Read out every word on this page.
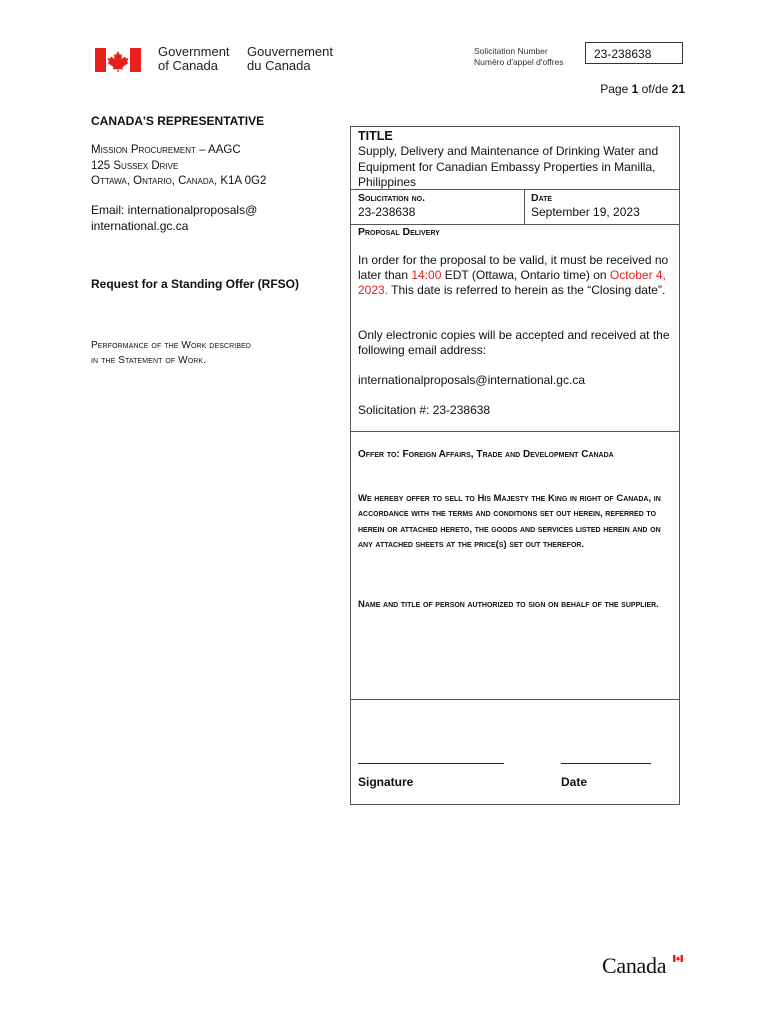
Government
of Canada
Gouvernement
du Canada
Solicitation Number
Numéro d'appel d'offres
23-238638
Page 1 of/de 21
CANADA'S REPRESENTATIVE
Mission Procurement – AAGC
125 Sussex Drive
Ottawa, Ontario, Canada, K1A 0G2
Email: internationalproposals@
international.gc.ca
Request for a Standing Offer (RFSO)
Performance of the Work described
in the Statement of Work.
TITLE
Supply, Delivery and Maintenance of Drinking Water and Equipment for Canadian Embassy Properties in Manilla, Philippines
Solicitation no.
23-238638
Date
September 19, 2023
Proposal Delivery
In order for the proposal to be valid, it must be received no later than 14:00 EDT (Ottawa, Ontario time) on October 4, 2023. This date is referred to herein as the “Closing date”.
Only electronic copies will be accepted and received at the following email address:
internationalproposals@international.gc.ca
Solicitation #: 23-238638
Offer to: Foreign Affairs, Trade and Development Canada
We hereby offer to sell to His Majesty the King in right of Canada, in accordance with the terms and conditions set out herein, referred to herein or attached hereto, the goods and services listed herein and on any attached sheets at the price(s) set out therefor.
Name and title of person authorized to sign on behalf of the supplier.
Signature	Date
Canada
